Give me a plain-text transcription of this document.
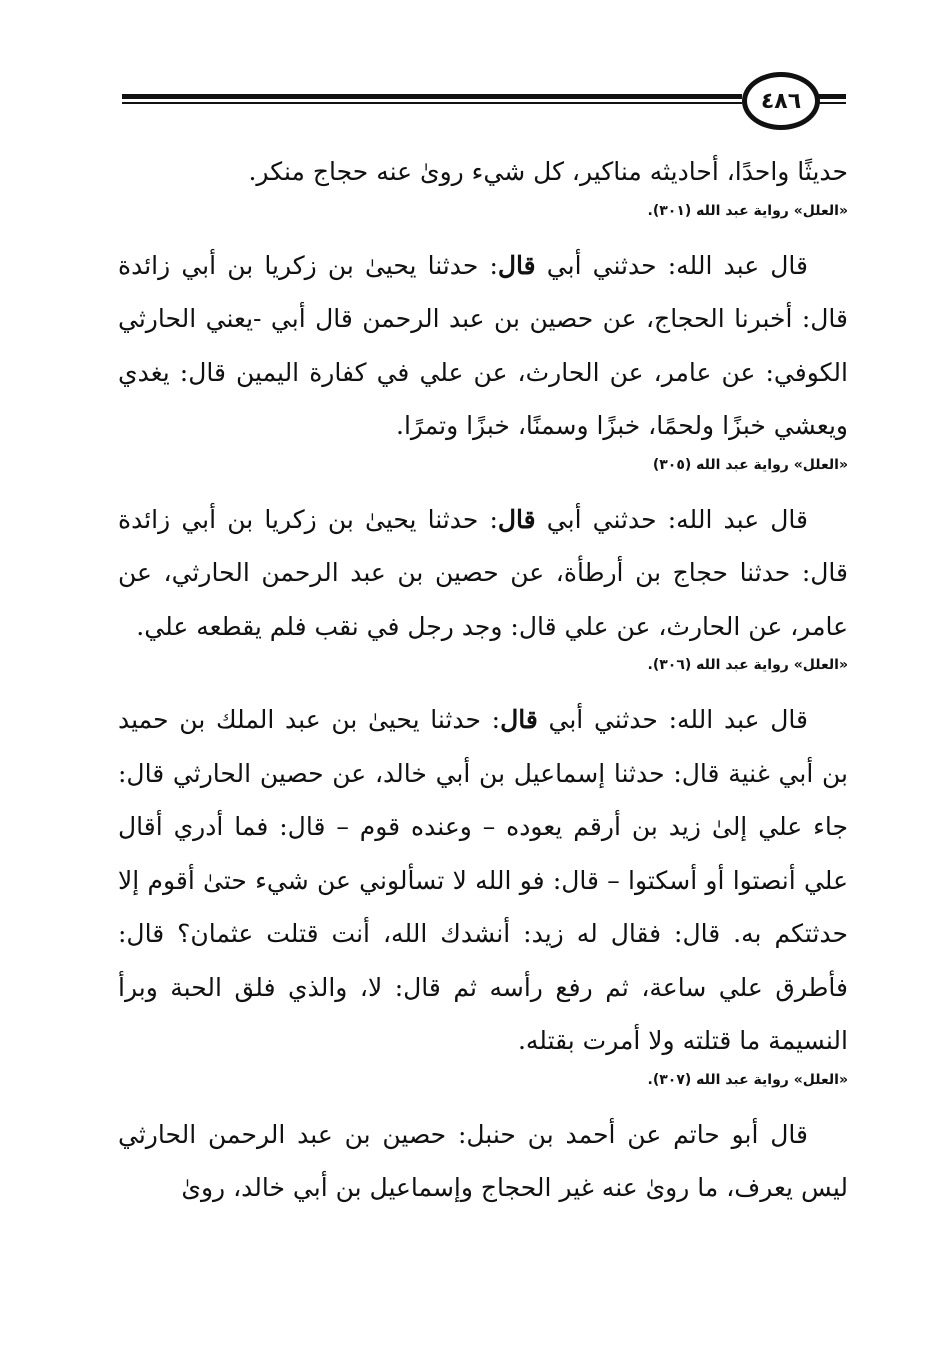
٤٨٦

حديثًا واحدًا، أحاديثه مناكير، كل شيء روىٰ عنه حجاج منكر.

«العلل» رواية عبد الله (٣٠١).

قال عبد الله: حدثني أبي قال: حدثنا يحيىٰ بن زكريا بن أبي زائدة قال: أخبرنا الحجاج، عن حصين بن عبد الرحمن قال أبي -يعني الحارثي الكوفي: عن عامر، عن الحارث، عن علي في كفارة اليمين قال: يغدي ويعشي خبزًا ولحمًا، خبزًا وسمنًا، خبزًا وتمرًا.

«العلل» رواية عبد الله (٣٠٥)

قال عبد الله: حدثني أبي قال: حدثنا يحيىٰ بن زكريا بن أبي زائدة قال: حدثنا حجاج بن أرطأة، عن حصين بن عبد الرحمن الحارثي، عن عامر، عن الحارث، عن علي قال: وجد رجل في نقب فلم يقطعه علي.

«العلل» رواية عبد الله (٣٠٦).

قال عبد الله: حدثني أبي قال: حدثنا يحيىٰ بن عبد الملك بن حميد بن أبي غنية قال: حدثنا إسماعيل بن أبي خالد، عن حصين الحارثي قال: جاء علي إلىٰ زيد بن أرقم يعوده – وعنده قوم – قال: فما أدري أقال علي أنصتوا أو أسكتوا – قال: فو الله لا تسألوني عن شيء حتىٰ أقوم إلا حدثتكم به. قال: فقال له زيد: أنشدك الله، أنت قتلت عثمان؟ قال: فأطرق علي ساعة، ثم رفع رأسه ثم قال: لا، والذي فلق الحبة وبرأ النسيمة ما قتلته ولا أمرت بقتله.

«العلل» رواية عبد الله (٣٠٧).

قال أبو حاتم عن أحمد بن حنبل: حصين بن عبد الرحمن الحارثي ليس يعرف، ما روىٰ عنه غير الحجاج وإسماعيل بن أبي خالد، روىٰ
